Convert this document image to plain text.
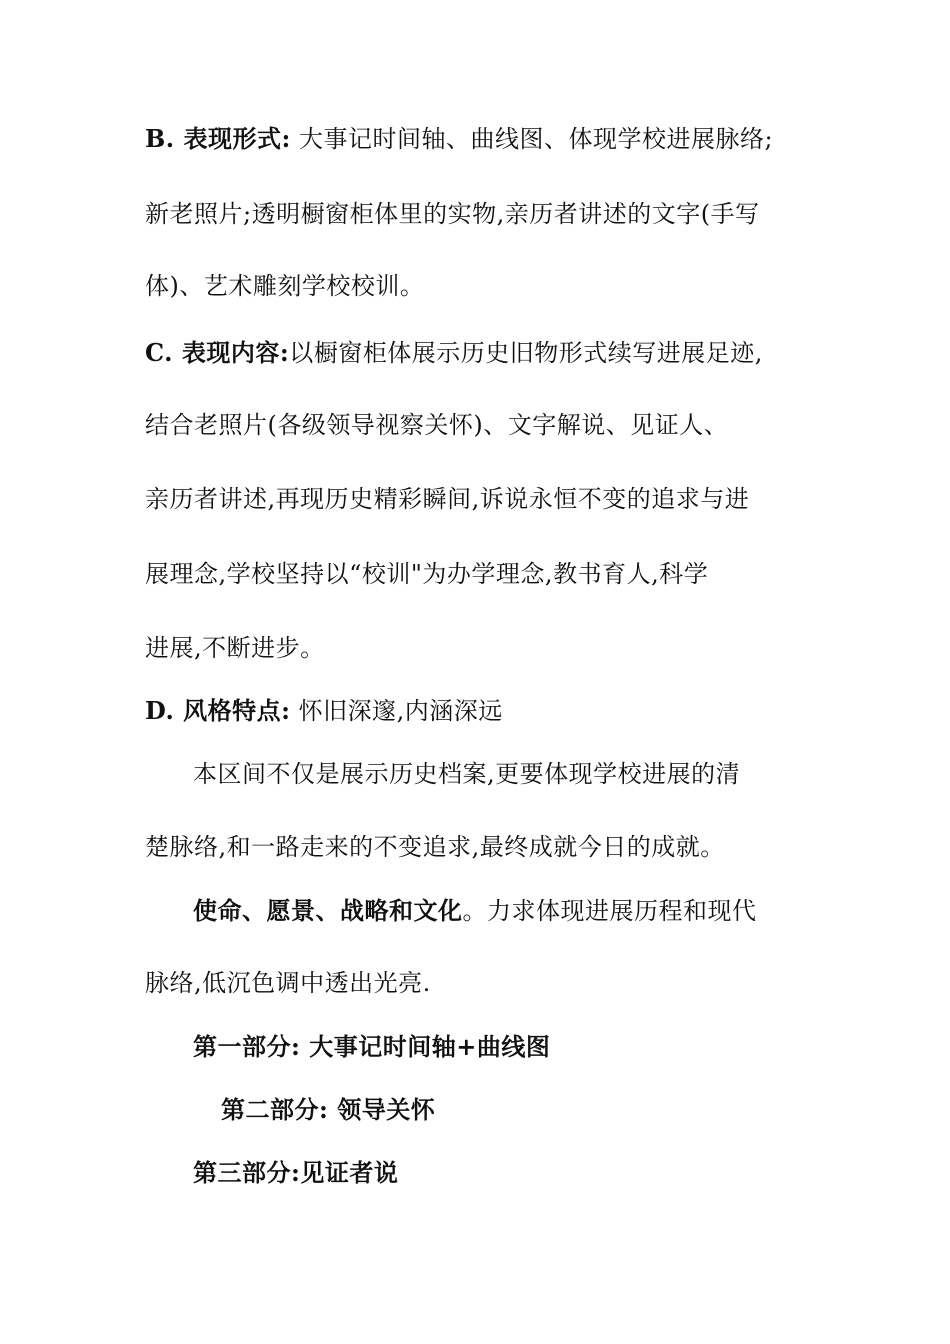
B. 表现形式: 大事记时间轴、曲线图、体现学校进展脉络;
新老照片;透明橱窗柜体里的实物,亲历者讲述的文字(手写
体)、艺术雕刻学校校训。
C. 表现内容:以橱窗柜体展示历史旧物形式续写进展足迹,
结合老照片(各级领导视察关怀)、文字解说、见证人、
亲历者讲述,再现历史精彩瞬间,诉说永恒不变的追求与进
展理念,学校坚持以“校训"为办学理念,教书育人,科学
进展,不断进步。
D. 风格特点: 怀旧深邃,内涵深远
本区间不仅是展示历史档案,更要体现学校进展的清
楚脉络,和一路走来的不变追求,最终成就今日的成就。
使命、愿景、战略和文化。力求体现进展历程和现代
脉络,低沉色调中透出光亮.
第一部分: 大事记时间轴+曲线图
第二部分: 领导关怀
第三部分:见证者说
